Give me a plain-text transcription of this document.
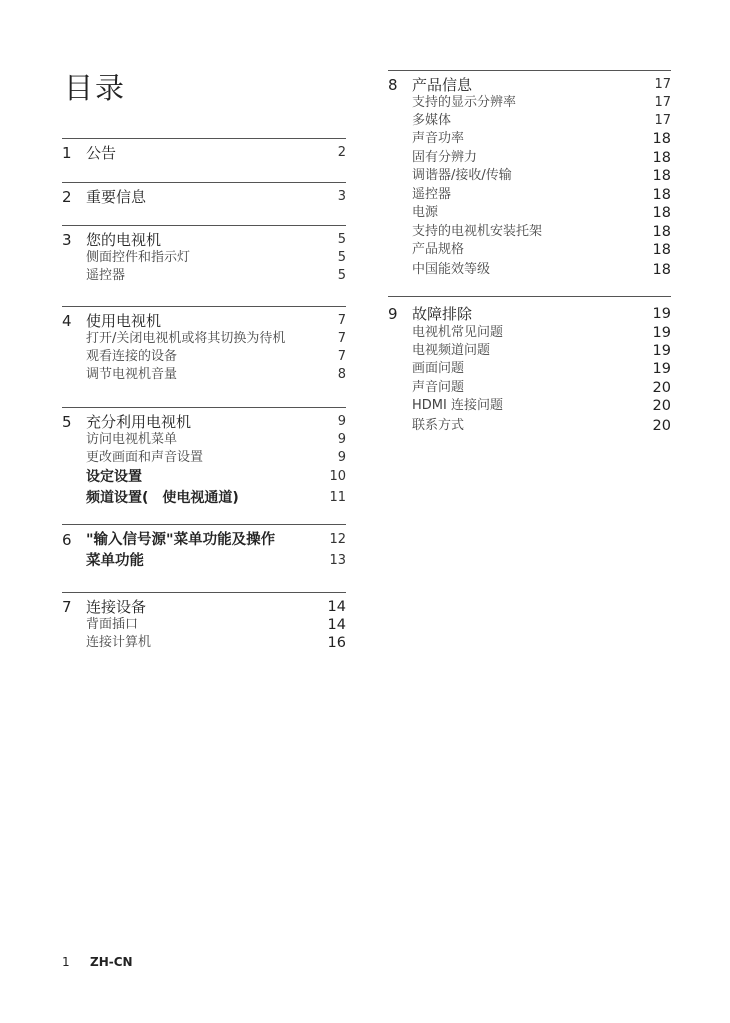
目录
1 公告	2
2 重要信息	3
3 您的电视机	5
侧面控件和指示灯	5
遥控器	5
4 使用电视机	7
打开/关闭电视机或将其切换为待机	7
观看连接的设备	7
调节电视机音量	8
5 充分利用电视机	9
访问电视机菜单	9
更改画面和声音设置	9
设定设置	10
频道设置(　使电视通道)	11
6 "输入信号源"菜单功能及操作	12
菜单功能	13
7 连接设备	14
背面插口	14
连接计算机	16
8 产品信息	17
支持的显示分辨率	17
多媒体	17
声音功率	18
固有分辨力	18
调谐器/接收/传输	18
遥控器	18
电源	18
支持的电视机安装托架	18
产品规格	18
中国能效等级	18
9 故障排除	19
电视机常见问题	19
电视频道问题	19
画面问题	19
声音问题	20
HDMI 连接问题	20
联系方式	20
1 ZH-CN
